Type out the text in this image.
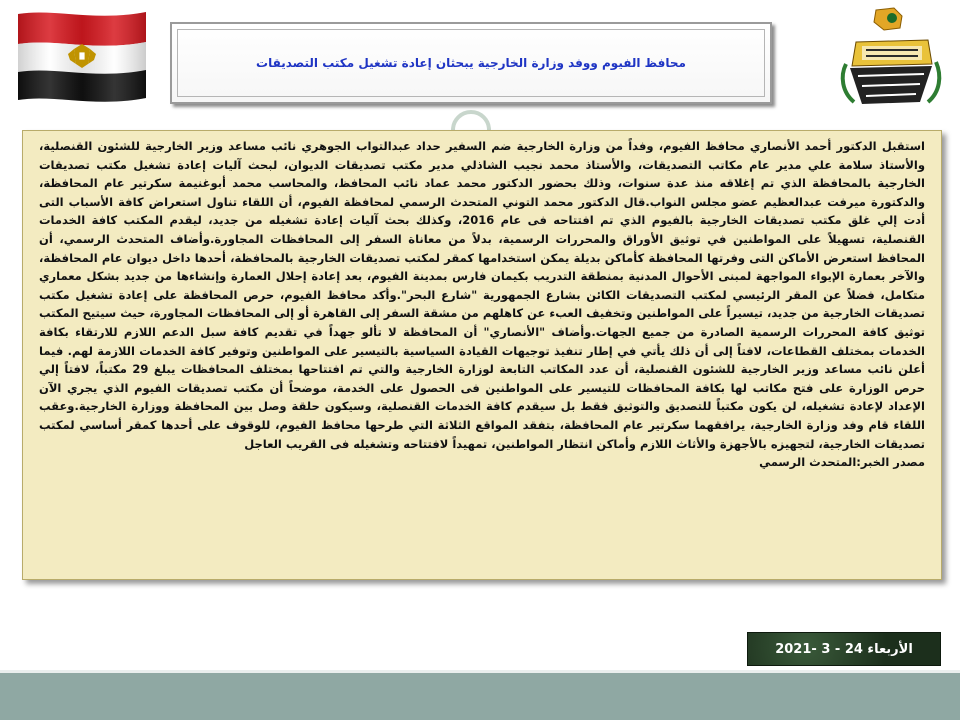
محافظ الفيوم ووفد وزارة الخارجية يبحثان إعادة تشغيل مكتب التصديقات

استقبل الدكتور أحمد الأنصاري محافظ الفيوم، وفداً من وزارة الخارجية ضم السفير حداد عبدالتواب الجوهري نائب مساعد وزير الخارجية للشئون القنصلية، والأستاذ سلامة علي مدير عام مكاتب التصديقات، والأستاذ محمد نجيب الشاذلي مدير مكتب تصديقات الديوان، لبحث آليات إعادة تشغيل مكتب تصديقات الخارجية بالمحافظة الذي تم إغلاقه منذ عدة سنوات، وذلك بحضور الدكتور محمد عماد نائب المحافظ، والمحاسب محمد أبوغنيمة سكرتير عام المحافظة، والدكتورة ميرفت عبدالعظيم عضو مجلس النواب.قال الدكتور محمد التوني المتحدث الرسمي لمحافظة الفيوم، أن اللقاء تناول استعراض كافة الأسباب التى أدت إلي غلق مكتب تصديقات الخارجية بالفيوم الذي تم افتتاحه فى عام 2016، وكذلك بحث آليات إعادة تشغيله من جديد، ليقدم المكتب كافة الخدمات القنصلية، تسهيلاً على المواطنين في توثيق الأوراق والمحررات الرسمية، بدلاً من معاناة السفر إلى المحافظات المجاورة.وأضاف المتحدث الرسمي، أن المحافظ استعرض الأماكن التى وفرتها المحافظة كأماكن بديلة يمكن استخدامها كمقر لمكتب تصديقات الخارجية بالمحافظة، أحدها داخل ديوان عام المحافظة، والآخر بعمارة الإيواء المواجهة لمبنى الأحوال المدنية بمنطقة التدريب بكيمان فارس بمدينة الفيوم، بعد إعادة إحلال العمارة وإنشاءها من جديد بشكل معماري متكامل، فضلاً عن المقر الرئيسي لمكتب التصديقات الكائن بشارع الجمهورية "شارع البحر".وأكد محافظ الفيوم، حرص المحافظة على إعادة تشغيل مكتب تصديقات الخارجية من جديد، تيسيراً على المواطنين وتخفيف العبء عن كاهلهم من مشقة السفر إلى القاهرة أو إلى المحافظات المجاورة، حيث سيتيح المكتب توثيق كافة المحررات الرسمية الصادرة من جميع الجهات.وأضاف "الأنصاري" أن المحافظة لا تألو جهداً في تقديم كافة سبل الدعم اللازم للارتقاء بكافة الخدمات بمختلف القطاعات، لافتاً إلى أن ذلك يأتي في إطار تنفيذ توجيهات القيادة السياسية بالتيسير على المواطنين وتوفير كافة الخدمات اللازمة لهم. فيما أعلن نائب مساعد وزير الخارجية للشئون القنصلية، أن عدد المكاتب التابعة لوزارة الخارجية والتي تم افتتاحها بمختلف المحافظات يبلغ 29 مكتباً، لافتاً إلي حرص الوزارة على فتح مكاتب لها بكافة المحافظات للتيسير على المواطنين فى الحصول على الخدمة، موضحاً أن مكتب تصديقات الفيوم الذي يجري الآن الإعداد لإعادة تشغيله، لن يكون مكتباً للتصديق والتوثيق فقط بل سيقدم كافة الخدمات القنصلية، وسيكون حلقة وصل بين المحافظة ووزارة الخارجية.وعقب اللقاء قام وفد وزارة الخارجية، يرافقهما سكرتير عام المحافظة، بتفقد المواقع الثلاثة التي طرحها محافظ الفيوم، للوقوف على أحدها كمقر أساسي لمكتب تصديقات الخارجية، لتجهيزه بالأجهزة والأثاث اللازم وأماكن انتظار المواطنين، تمهيداً لافتتاحه وتشغيله فى القريب العاجل

مصدر الخبر:المتحدث الرسمي

الأربعاء 24 - 3 -2021
